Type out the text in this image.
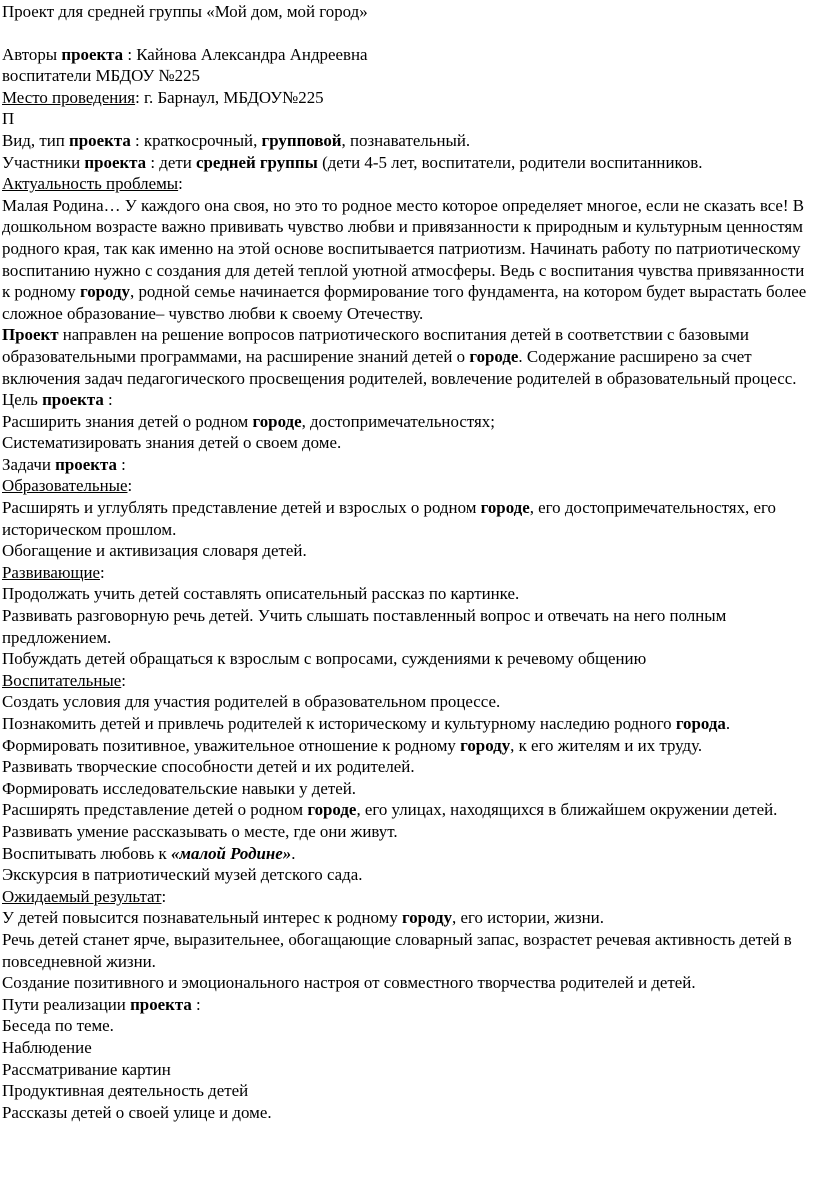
Проект для средней группы «Мой дом, мой город»
Авторы проекта : Кайнова Александра Андреевна
воспитатели МБДОУ №225
Место проведения: г. Барнаул, МБДОУ№225
П
Вид, тип проекта : краткосрочный, групповой, познавательный.
Участники проекта : дети средней группы (дети 4-5 лет, воспитатели, родители воспитанников.
Актуальность проблемы:
Малая Родина… У каждого она своя, но это то родное место которое определяет многое, если не сказать все! В дошкольном возрасте важно прививать чувство любви и привязанности к природным и культурным ценностям родного края, так как именно на этой основе воспитывается патриотизм. Начинать работу по патриотическому воспитанию нужно с создания для детей теплой уютной атмосферы. Ведь с воспитания чувства привязанности к родному городу, родной семье начинается формирование того фундамента, на котором будет вырастать более сложное образование– чувство любви к своему Отечеству.
Проект направлен на решение вопросов патриотического воспитания детей в соответствии с базовыми образовательными программами, на расширение знаний детей о городе. Содержание расширено за счет включения задач педагогического просвещения родителей, вовлечение родителей в образовательный процесс.
Цель проекта :
Расширить знания детей о родном городе, достопримечательностях;
Систематизировать знания детей о своем доме.
Задачи проекта :
Образовательные:
Расширять и углублять представление детей и взрослых о родном городе, его достопримечательностях, его историческом прошлом.
Обогащение и активизация словаря детей.
Развивающие:
Продолжать учить детей составлять описательный рассказ по картинке.
Развивать разговорную речь детей. Учить слышать поставленный вопрос и отвечать на него полным предложением.
Побуждать детей обращаться к взрослым с вопросами, суждениями к речевому общению
Воспитательные:
Создать условия для участия родителей в образовательном процессе.
Познакомить детей и привлечь родителей к историческому и культурному наследию родного города.
Формировать позитивное, уважительное отношение к родному городу, к его жителям и их труду.
Развивать творческие способности детей и их родителей.
Формировать исследовательские навыки у детей.
Расширять представление детей о родном городе, его улицах, находящихся в ближайшем окружении детей.
Развивать умение рассказывать о месте, где они живут.
Воспитывать любовь к «малой Родине».
Экскурсия в патриотический музей детского сада.
Ожидаемый результат:
У детей повысится познавательный интерес к родному городу, его истории, жизни.
Речь детей станет ярче, выразительнее, обогащающие словарный запас, возрастет речевая активность детей в повседневной жизни.
Создание позитивного и эмоционального настроя от совместного творчества родителей и детей.
Пути реализации проекта :
Беседа по теме.
Наблюдение
Рассматривание картин
Продуктивная деятельность детей
Рассказы детей о своей улице и доме.
